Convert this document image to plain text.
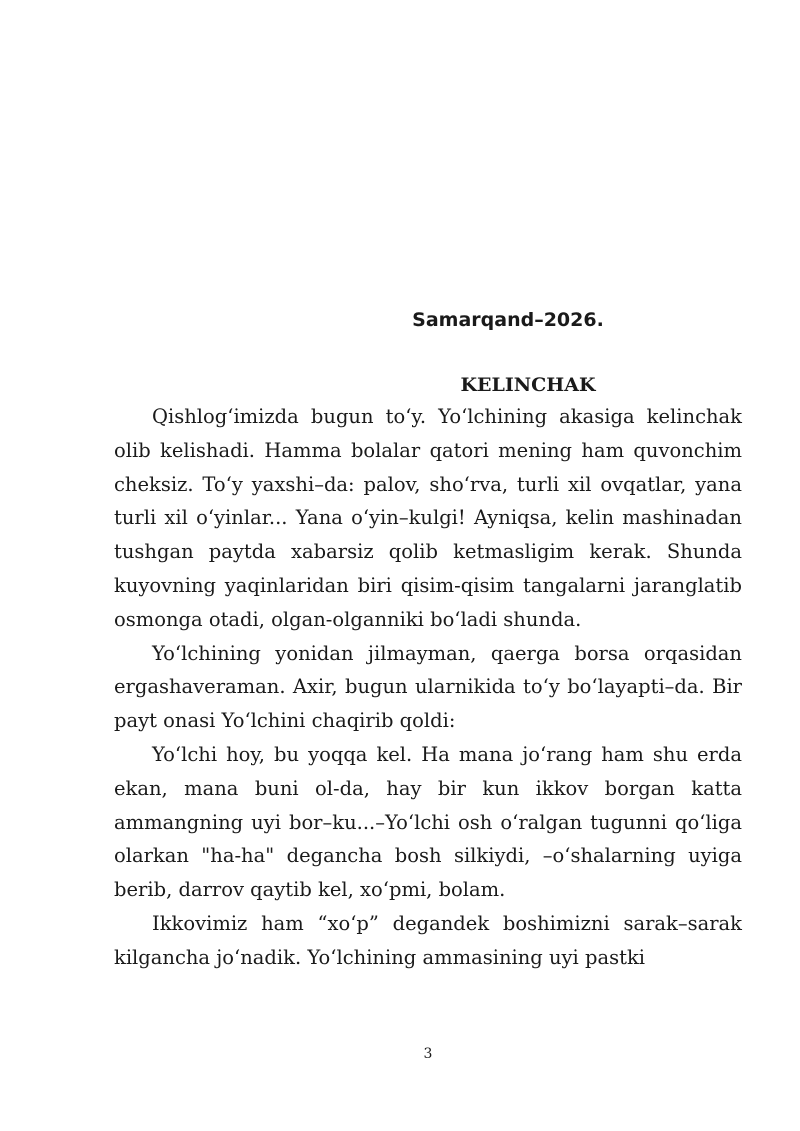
Samarqand–2026.
KELINCHAK

Qishlog‘imizda bugun to‘y. Yo‘lchining akasiga kelinchak olib kelishadi. Hamma bolalar qatori mening ham quvonchim cheksiz. To‘y yaxshi–da: palov, sho‘rva, turli xil ovqatlar, yana turli xil o‘yinlar... Yana o‘yin–kulgi! Ayniqsa, kelin mashinadan tushgan paytda xabarsiz qolib ketmasligim kerak. Shunda kuyovning yaqinlaridan biri qisim-qisim tangalarni jaranglatib osmonga otadi, olgan-olganniki bo‘ladi shunda.

Yo‘lchining yonidan jilmayman, qaerga borsa orqasidan ergashaveraman. Axir, bugun ularnikida to‘y bo‘layapti–da. Bir payt onasi Yo‘lchini chaqirib qoldi:

Yo‘lchi hoy, bu yoqqa kel. Ha mana jo‘rang ham shu erda ekan, mana buni ol-da, hay bir kun ikkov borgan katta ammangning uyi bor–ku...–Yo‘lchi osh o‘ralgan tugunni qo‘liga olarkan "ha-ha" degancha bosh silkiydi, –o‘shalarning uyiga berib, darrov qaytib kel, xo‘pmi, bolam.

Ikkovimiz ham “xo‘p” degandek boshimizni sarak–sarak kilgancha jo‘nadik. Yo‘lchining ammasining uyi pastki

3
